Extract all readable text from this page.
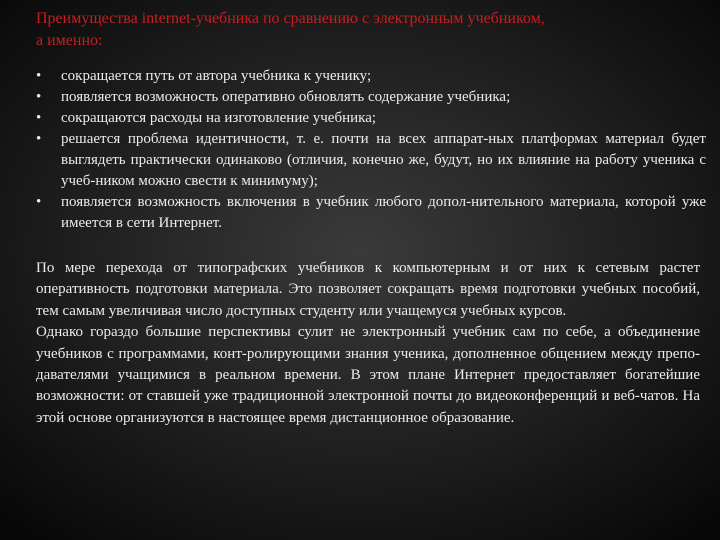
Преимущества internet-учебника по сравнению с электронным учебником,
а именно:
•	сокращается путь от автора учебника к ученику;
•	появляется возможность оперативно обновлять содержание учебника;
•	сокращаются расходы на изготовление учебника;
•	решается проблема идентичности, т. е. почти на всех аппарат-ных платформах материал будет выглядеть практически одинаково (отличия, конечно же, будут, но их влияние на работу ученика с учеб-ником можно свести к минимуму);
•	появляется возможность включения в учебник любого допол-нительного материала, которой уже имеется в сети Интернет.

По мере перехода от типографских учебников к компьютерным и от них к сетевым растет оперативность подготовки материала. Это позволяет сокращать время подготовки учебных пособий, тем самым увеличивая число доступных студенту или учащемуся учебных курсов.

Однако гораздо большие перспективы сулит не электронный учебник сам по себе, а объединение учебников с программами, конт-ролирующими знания ученика, дополненное общением между препо-давателями учащимися в реальном времени. В этом плане Интернет предоставляет богатейшие возможности: от ставшей уже традиционной электронной почты до видеоконференций и веб-чатов. На этой основе организуются в настоящее время дистанционное образование.
